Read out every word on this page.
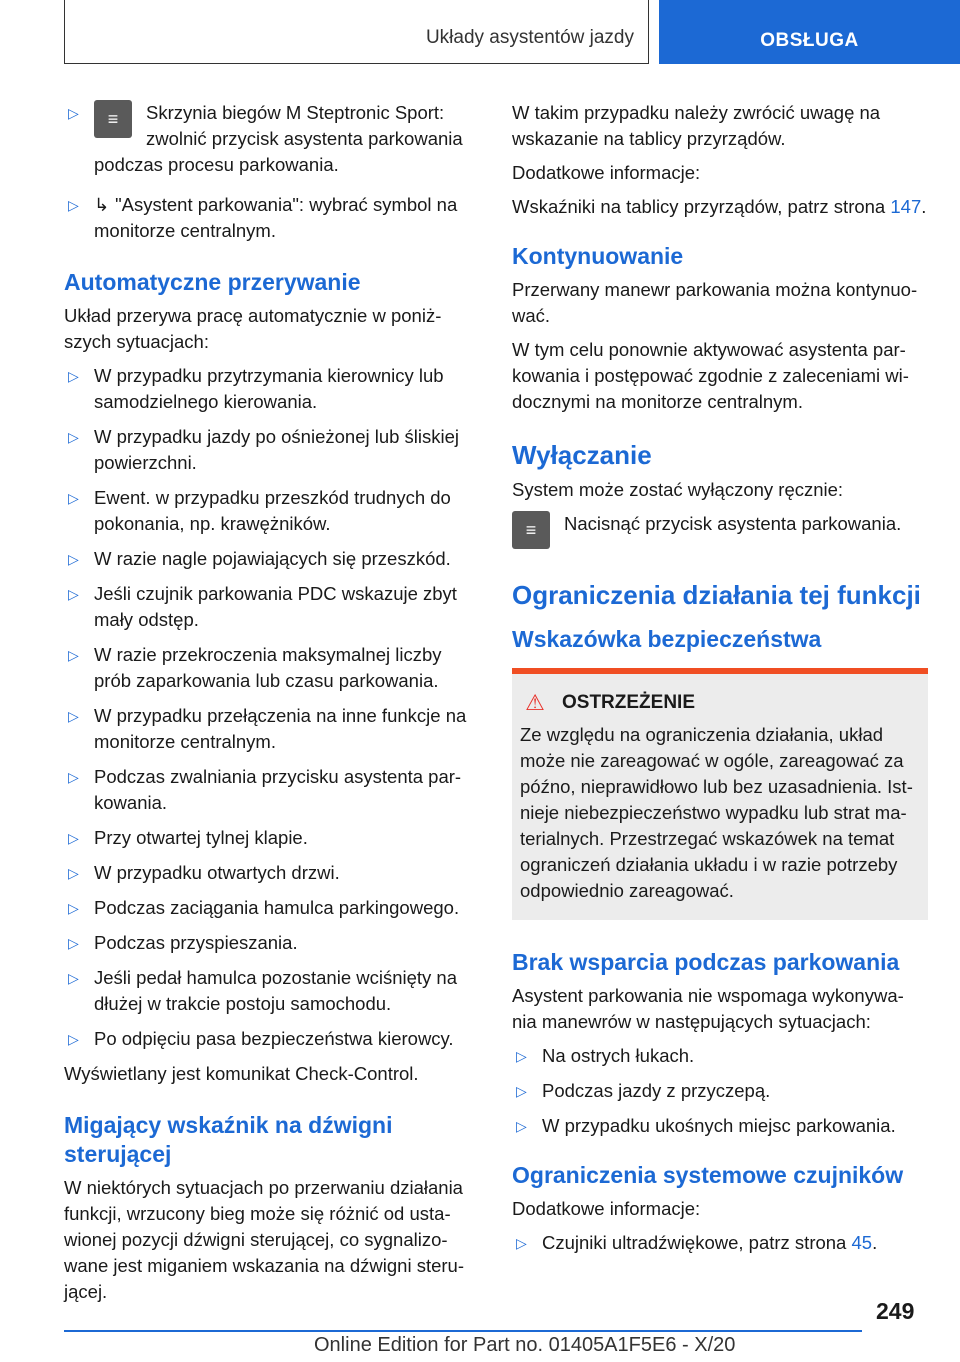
Układy asystentów jazdy	OBSŁUGA
▷	≡	Skrzynia biegów M Steptronic Sport:
zwolnić przycisk asystenta parkowania
podczas procesu parkowania.
▷ ↳ "Asystent parkowania": wybrać symbol na
monitorze centralnym.
Automatyczne przerywanie
Układ przerywa pracę automatycznie w poniż-szych sytuacjach:
▷ W przypadku przytrzymania kierownicy lub samodzielnego kierowania.
▷ W przypadku jazdy po ośnieżonej lub śliskiej powierzchni.
▷ Ewent. w przypadku przeszkód trudnych do pokonania, np. krawężników.
▷ W razie nagle pojawiających się przeszkód.
▷ Jeśli czujnik parkowania PDC wskazuje zbyt mały odstęp.
▷ W razie przekroczenia maksymalnej liczby prób zaparkowania lub czasu parkowania.
▷ W przypadku przełączenia na inne funkcje na monitorze centralnym.
▷ Podczas zwalniania przycisku asystenta par-kowania.
▷ Przy otwartej tylnej klapie.
▷ W przypadku otwartych drzwi.
▷ Podczas zaciągania hamulca parkingowego.
▷ Podczas przyspieszania.
▷ Jeśli pedał hamulca pozostanie wciśnięty na dłużej w trakcie postoju samochodu.
▷ Po odpięciu pasa bezpieczeństwa kierowcy.
Wyświetlany jest komunikat Check-Control.
Migający wskaźnik na dźwigni sterującej
W niektórych sytuacjach po przerwaniu działania funkcji, wrzucony bieg może się różnić od usta-wionej pozycji dźwigni sterującej, co sygnalizo-wane jest miganiem wskazania na dźwigni steru-jącej.
W takim przypadku należy zwrócić uwagę na wskazanie na tablicy przyrządów.
Dodatkowe informacje:
Wskaźniki na tablicy przyrządów, patrz strona 147.
Kontynuowanie
Przerwany manewr parkowania można kontynuo-wać.
W tym celu ponownie aktywować asystenta par-kowania i postępować zgodnie z zaleceniami wi-docznymi na monitorze centralnym.
Wyłączanie
System może zostać wyłączony ręcznie:
≡	Nacisnąć przycisk asystenta parkowania.
Ograniczenia działania tej funkcji
Wskazówka bezpieczeństwa
⚠ OSTRZEŻENIE
Ze względu na ograniczenia działania, układ może nie zareagować w ogóle, zareagować za późno, nieprawidłowo lub bez uzasadnienia. Ist-nieje niebezpieczeństwo wypadku lub strat ma-terialnych. Przestrzegać wskazówek na temat ograniczeń działania układu i w razie potrzeby odpowiednio zareagować.
Brak wsparcia podczas parkowania
Asystent parkowania nie wspomaga wykonywa-nia manewrów w następujących sytuacjach:
▷ Na ostrych łukach.
▷ Podczas jazdy z przyczepą.
▷ W przypadku ukośnych miejsc parkowania.
Ograniczenia systemowe czujników
Dodatkowe informacje:
▷ Czujniki ultradźwiękowe, patrz strona 45.
249
Online Edition for Part no. 01405A1F5E6 - X/20
